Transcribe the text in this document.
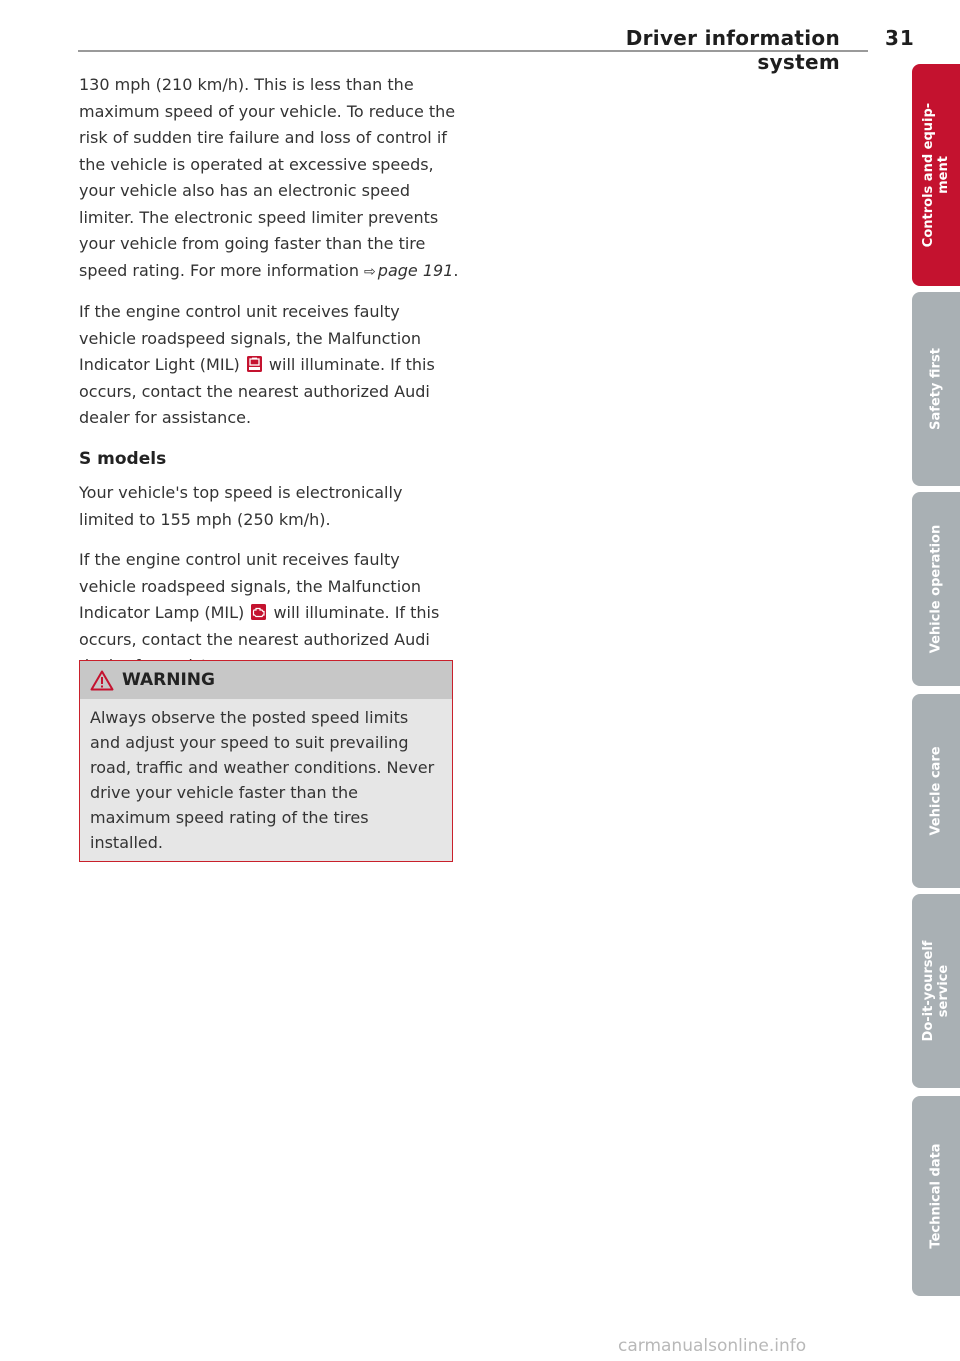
Driver information system
31

130 mph (210 km/h). This is less than the maximum speed of your vehicle. To reduce the risk of sudden tire failure and loss of control if the vehicle is operated at excessive speeds, your vehicle also has an electronic speed limiter. The electronic speed limiter prevents your vehicle from going faster than the tire speed rating. For more information ⇨ page 191.

If the engine control unit receives faulty vehicle roadspeed signals, the Malfunction Indicator Light (MIL) will illuminate. If this occurs, contact the nearest authorized Audi dealer for assistance.

S models

Your vehicle's top speed is electronically limited to 155 mph (250 km/h).

If the engine control unit receives faulty vehicle roadspeed signals, the Malfunction Indicator Lamp (MIL) will illuminate. If this occurs, contact the nearest authorized Audi

WARNING
Always observe the posted speed limits and adjust your speed to suit prevailing road, traffic and weather conditions. Never drive your vehicle faster than the maximum speed rating of the tires installed.
Controls and equip-
ment
Safety first
Vehicle operation
Vehicle care
Do-it-yourself
service
Technical data
carmanualsonline.info
